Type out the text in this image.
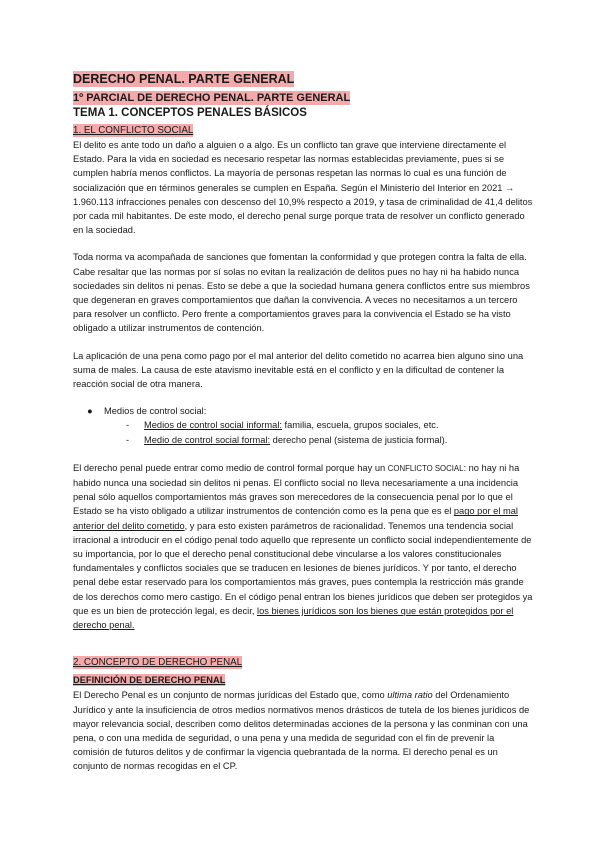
DERECHO PENAL. PARTE GENERAL
1º PARCIAL DE DERECHO PENAL. PARTE GENERAL
TEMA 1. CONCEPTOS PENALES BÁSICOS
1. EL CONFLICTO SOCIAL

El delito es ante todo un daño a alguien o a algo. Es un conflicto tan grave que interviene directamente el Estado. Para la vida en sociedad es necesario respetar las normas establecidas previamente, pues si se cumplen habría menos conflictos. La mayoría de personas respetan las normas lo cual es una función de socialización que en términos generales se cumplen en España. Según el Ministerio del Interior en 2021 → 1.960.113 infracciones penales con descenso del 10,9% respecto a 2019, y tasa de criminalidad de 41,4 delitos por cada mil habitantes. De este modo, el derecho penal surge porque trata de resolver un conflicto generado en la sociedad.

Toda norma va acompañada de sanciones que fomentan la conformidad y que protegen contra la falta de ella. Cabe resaltar que las normas por sí solas no evitan la realización de delitos pues no hay ni ha habido nunca sociedades sin delitos ni penas. Esto se debe a que la sociedad humana genera conflictos entre sus miembros que degeneran en graves comportamientos que dañan la convivencia. A veces no necesitamos a un tercero para resolver un conflicto. Pero frente a comportamientos graves para la convivencia el Estado se ha visto obligado a utilizar instrumentos de contención.

La aplicación de una pena como pago por el mal anterior del delito cometido no acarrea bien alguno sino una suma de males. La causa de este atavismo inevitable está en el conflicto y en la dificultad de contener la reacción social de otra manera.

● Medios de control social:
- Medios de control social informal: familia, escuela, grupos sociales, etc.
- Medio de control social formal: derecho penal (sistema de justicia formal).

El derecho penal puede entrar como medio de control formal porque hay un CONFLICTO SOCIAL: no hay ni ha habido nunca una sociedad sin delitos ni penas. El conflicto social no lleva necesariamente a una incidencia penal sólo aquellos comportamientos más graves son merecedores de la consecuencia penal por lo que el Estado se ha visto obligado a utilizar instrumentos de contención como es la pena que es el pago por el mal anterior del delito cometido, y para esto existen parámetros de racionalidad. Tenemos una tendencia social irracional a introducir en el código penal todo aquello que represente un conflicto social independientemente de su importancia, por lo que el derecho penal constitucional debe vincularse a los valores constitucionales fundamentales y conflictos sociales que se traducen en lesiones de bienes jurídicos. Y por tanto, el derecho penal debe estar reservado para los comportamientos más graves, pues contempla la restricción más grande de los derechos como mero castigo. En el código penal entran los bienes jurídicos que deben ser protegidos ya que es un bien de protección legal, es decir, los bienes jurídicos son los bienes que están protegidos por el derecho penal.

2. CONCEPTO DE DERECHO PENAL
DEFINICIÓN DE DERECHO PENAL

El Derecho Penal es un conjunto de normas jurídicas del Estado que, como ultima ratio del Ordenamiento Jurídico y ante la insuficiencia de otros medios normativos menos drásticos de tutela de los bienes jurídicos de mayor relevancia social, describen como delitos determinadas acciones de la persona y las conminan con una pena, o con una medida de seguridad, o una pena y una medida de seguridad con el fin de prevenir la comisión de futuros delitos y de confirmar la vigencia quebrantada de la norma. El derecho penal es un conjunto de normas recogidas en el CP.
